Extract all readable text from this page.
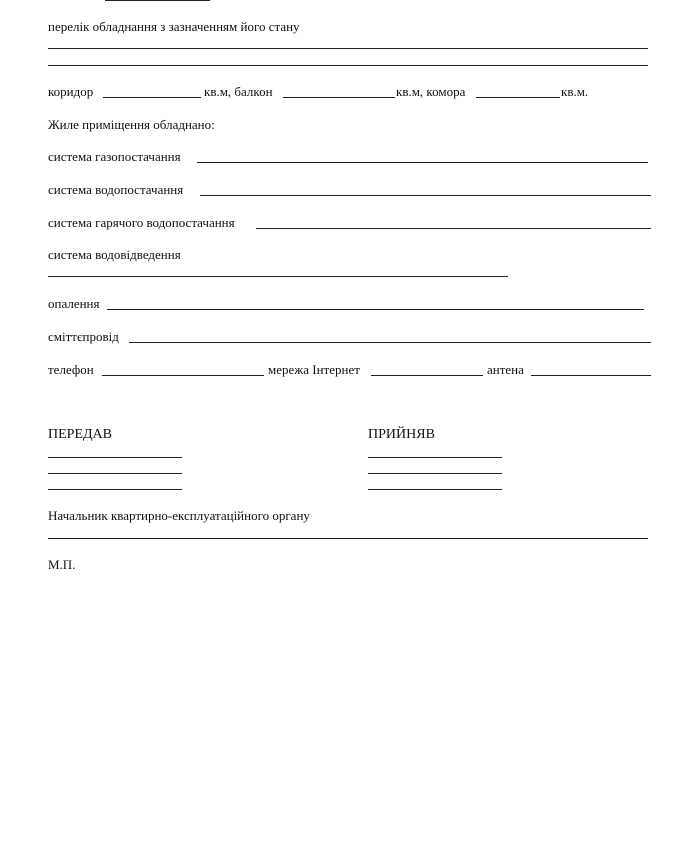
перелік обладнання з зазначенням його стану
коридор	кв.м, балкон	кв.м, комора	кв.м.
Жиле приміщення обладнано:
система газопостачання
система водопостачання
система гарячого водопостачання
система водовідведення
опалення
сміттєпровід
телефон	мережа Інтернет	антена
ПЕРЕДАВ	ПРИЙНЯВ
Начальник квартирно-експлуатаційного органу
М.П.
